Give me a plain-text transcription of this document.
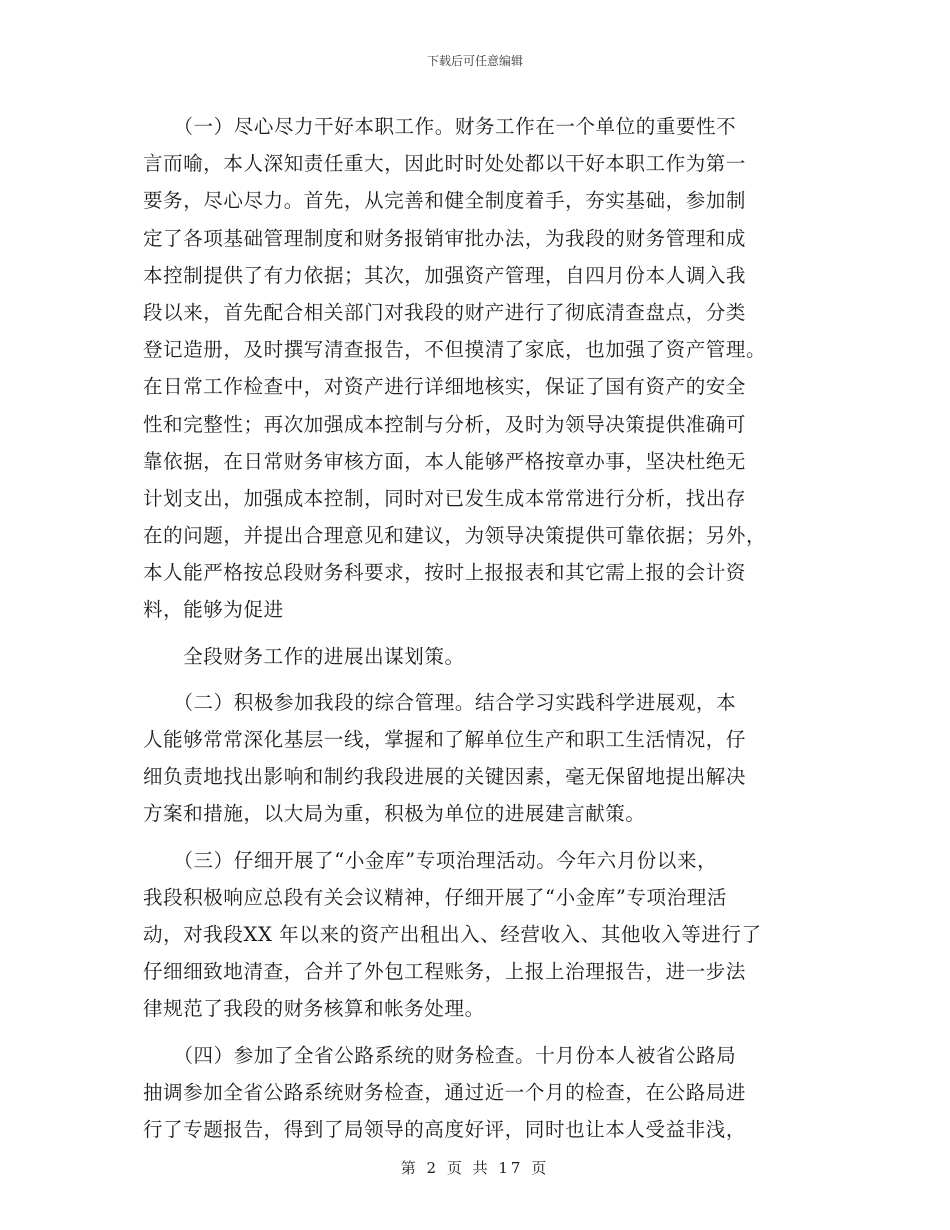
下载后可任意编辑
　　（一）尽心尽力干好本职工作。财务工作在一个单位的重要性不
言而喻，本人深知责任重大，因此时时处处都以干好本职工作为第一
要务，尽心尽力。首先，从完善和健全制度着手，夯实基础，参加制
定了各项基础管理制度和财务报销审批办法，为我段的财务管理和成
本控制提供了有力依据；其次，加强资产管理，自四月份本人调入我
段以来，首先配合相关部门对我段的财产进行了彻底清查盘点，分类
登记造册，及时撰写清查报告，不但摸清了家底，也加强了资产管理。
在日常工作检查中，对资产进行详细地核实，保证了国有资产的安全
性和完整性；再次加强成本控制与分析，及时为领导决策提供准确可
靠依据，在日常财务审核方面，本人能够严格按章办事，坚决杜绝无
计划支出，加强成本控制，同时对已发生成本常常进行分析，找出存
在的问题，并提出合理意见和建议，为领导决策提供可靠依据；另外，
本人能严格按总段财务科要求，按时上报报表和其它需上报的会计资
料，能够为促进
　　全段财务工作的进展出谋划策。
　　（二）积极参加我段的综合管理。结合学习实践科学进展观，本
人能够常常深化基层一线，掌握和了解单位生产和职工生活情况，仔
细负责地找出影响和制约我段进展的关键因素，毫无保留地提出解决
方案和措施，以大局为重，积极为单位的进展建言献策。
　　（三）仔细开展了“小金库”专项治理活动。今年六月份以来，
我段积极响应总段有关会议精神，仔细开展了“小金库”专项治理活
动，对我段XX 年以来的资产出租出入、经营收入、其他收入等进行了
仔细细致地清查，合并了外包工程账务，上报上治理报告，进一步法
律规范了我段的财务核算和帐务处理。
　　（四）参加了全省公路系统的财务检查。十月份本人被省公路局
抽调参加全省公路系统财务检查，通过近一个月的检查，在公路局进
行了专题报告，得到了局领导的高度好评，同时也让本人受益非浅，
第 2 页 共 17 页
